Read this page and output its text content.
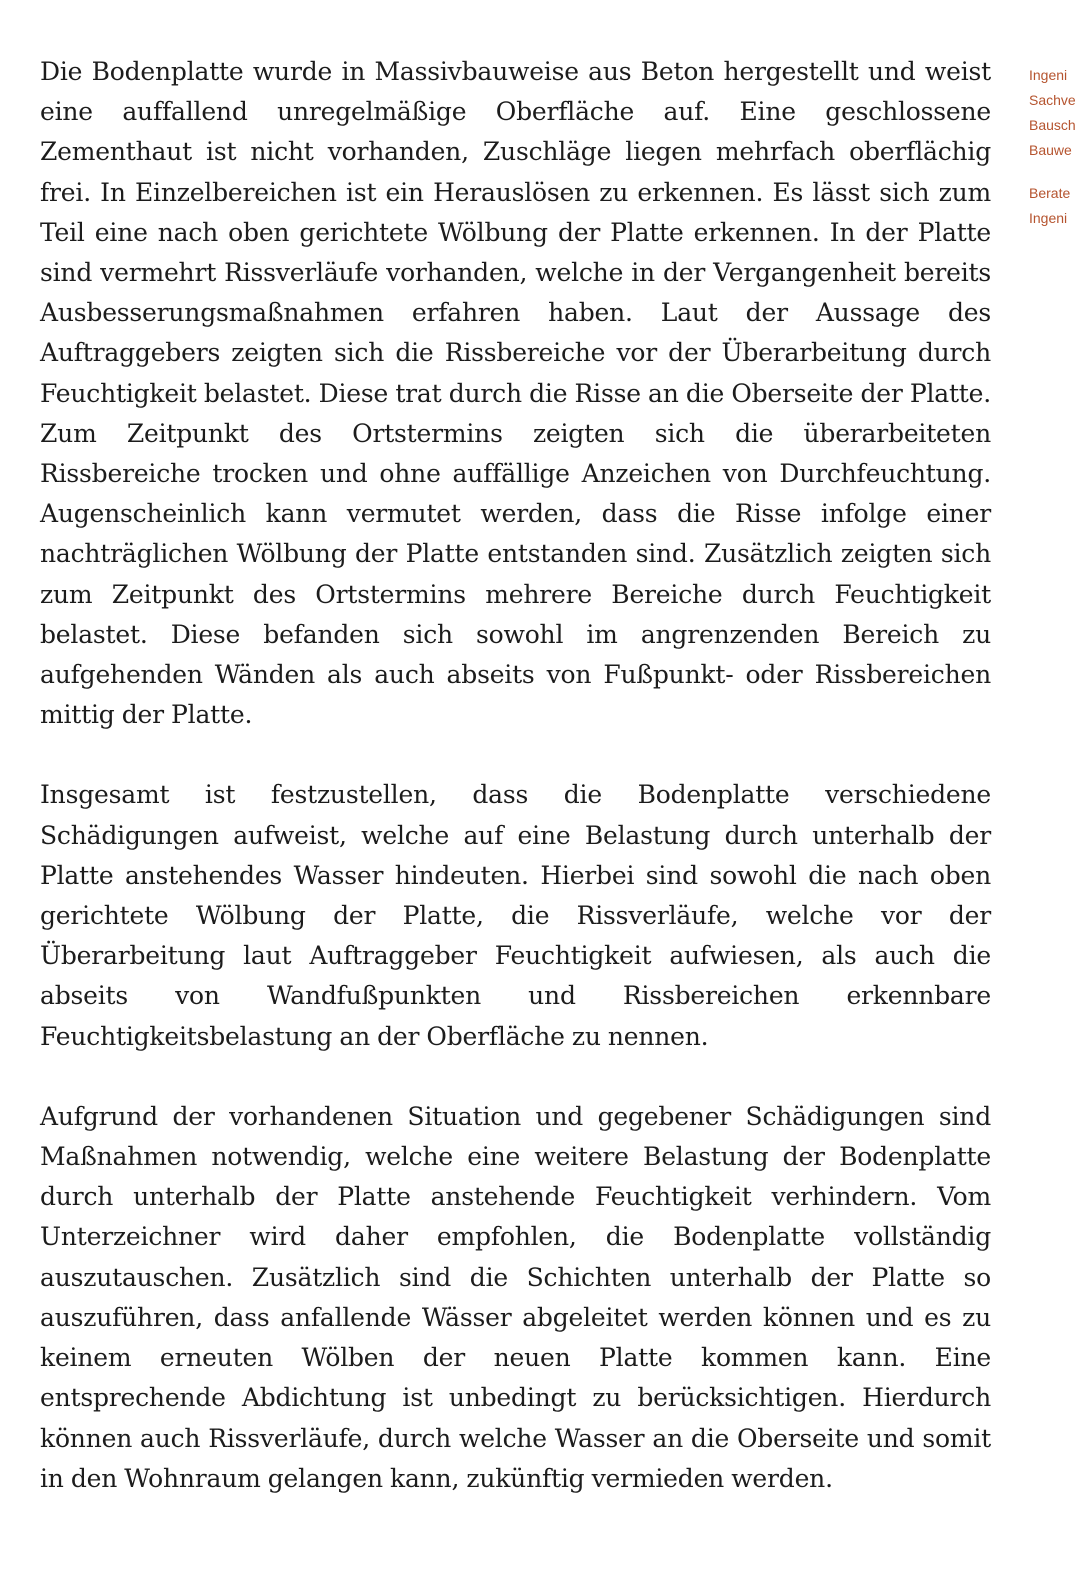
Die Bodenplatte wurde in Massivbauweise aus Beton hergestellt und weist eine auffallend unregelmäßige Oberfläche auf. Eine geschlossene Zementhaut ist nicht vorhanden, Zuschläge liegen mehrfach oberflächig frei. In Einzelbereichen ist ein Herauslösen zu erkennen. Es lässt sich zum Teil eine nach oben gerichtete Wölbung der Platte erkennen. In der Platte sind vermehrt Rissverläufe vorhanden, welche in der Vergangenheit bereits Ausbesserungsmaßnahmen erfahren haben. Laut der Aussage des Auftraggebers zeigten sich die Rissbereiche vor der Überarbeitung durch Feuchtigkeit belastet. Diese trat durch die Risse an die Oberseite der Platte. Zum Zeitpunkt des Ortstermins zeigten sich die überarbeiteten Rissbereiche trocken und ohne auffällige Anzeichen von Durchfeuchtung. Augenscheinlich kann vermutet werden, dass die Risse infolge einer nachträglichen Wölbung der Platte entstanden sind. Zusätzlich zeigten sich zum Zeitpunkt des Ortstermins mehrere Bereiche durch Feuchtigkeit belastet. Diese befanden sich sowohl im angrenzenden Bereich zu aufgehenden Wänden als auch abseits von Fußpunkt- oder Rissbereichen mittig der Platte.

Insgesamt ist festzustellen, dass die Bodenplatte verschiedene Schädigungen aufweist, welche auf eine Belastung durch unterhalb der Platte anstehendes Wasser hindeuten. Hierbei sind sowohl die nach oben gerichtete Wölbung der Platte, die Rissverläufe, welche vor der Überarbeitung laut Auftraggeber Feuchtigkeit aufwiesen, als auch die abseits von Wandfußpunkten und Rissbereichen erkennbare Feuchtigkeitsbelastung an der Oberfläche zu nennen.

Aufgrund der vorhandenen Situation und gegebener Schädigungen sind Maßnahmen notwendig, welche eine weitere Belastung der Bodenplatte durch unterhalb der Platte anstehende Feuchtigkeit verhindern. Vom Unterzeichner wird daher empfohlen, die Bodenplatte vollständig auszutauschen. Zusätzlich sind die Schichten unterhalb der Platte so auszuführen, dass anfallende Wässer abgeleitet werden können und es zu keinem erneuten Wölben der neuen Platte kommen kann. Eine entsprechende Abdichtung ist unbedingt zu berücksichtigen. Hierdurch können auch Rissverläufe, durch welche Wasser an die Oberseite und somit in den Wohnraum gelangen kann, zukünftig vermieden werden.

Ingeni
Sachve
Bausch
Bauwe
Berate
Ingeni
